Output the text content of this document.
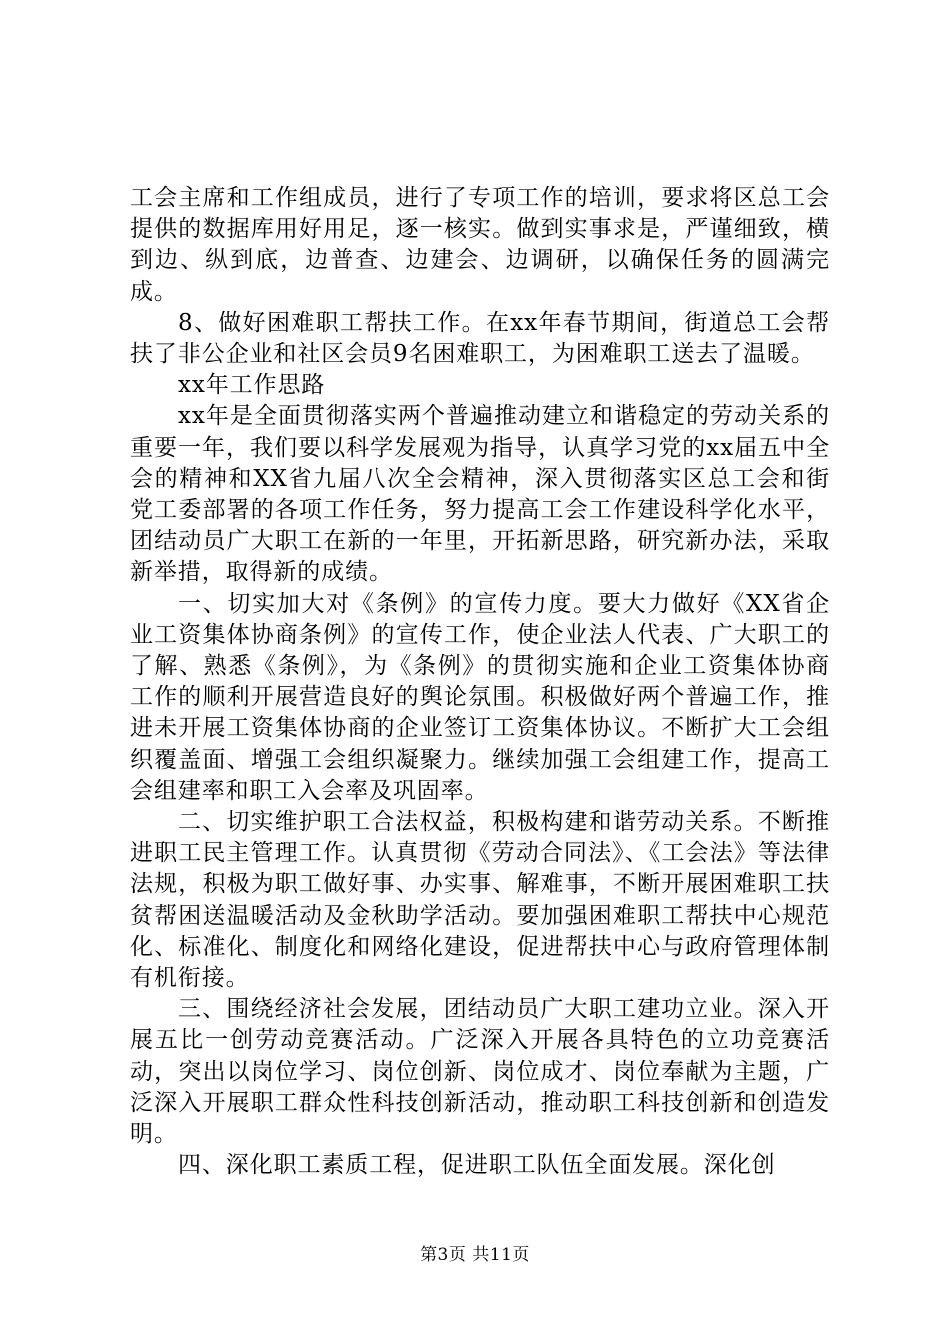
工会主席和工作组成员，进行了专项工作的培训，要求将区总工会提供的数据库用好用足，逐一核实。做到实事求是，严谨细致，横到边、纵到底，边普查、边建会、边调研，以确保任务的圆满完成。

8、做好困难职工帮扶工作。在xx年春节期间，街道总工会帮扶了非公企业和社区会员9名困难职工，为困难职工送去了温暖。

xx年工作思路

xx年是全面贯彻落实两个普遍推动建立和谐稳定的劳动关系的重要一年，我们要以科学发展观为指导，认真学习党的xx届五中全会的精神和XX省九届八次全会精神，深入贯彻落实区总工会和街党工委部署的各项工作任务，努力提高工会工作建设科学化水平，团结动员广大职工在新的一年里，开拓新思路，研究新办法，采取新举措，取得新的成绩。

一、切实加大对《条例》的宣传力度。要大力做好《XX省企业工资集体协商条例》的宣传工作，使企业法人代表、广大职工的了解、熟悉《条例》，为《条例》的贯彻实施和企业工资集体协商工作的顺利开展营造良好的舆论氛围。积极做好两个普遍工作，推进未开展工资集体协商的企业签订工资集体协议。不断扩大工会组织覆盖面、增强工会组织凝聚力。继续加强工会组建工作，提高工会组建率和职工入会率及巩固率。

二、切实维护职工合法权益，积极构建和谐劳动关系。不断推进职工民主管理工作。认真贯彻《劳动合同法》、《工会法》等法律法规，积极为职工做好事、办实事、解难事，不断开展困难职工扶贫帮困送温暖活动及金秋助学活动。要加强困难职工帮扶中心规范化、标准化、制度化和网络化建设，促进帮扶中心与政府管理体制有机衔接。

三、围绕经济社会发展，团结动员广大职工建功立业。深入开展五比一创劳动竞赛活动。广泛深入开展各具特色的立功竞赛活动，突出以岗位学习、岗位创新、岗位成才、岗位奉献为主题，广泛深入开展职工群众性科技创新活动，推动职工科技创新和创造发明。

四、深化职工素质工程，促进职工队伍全面发展。深化创

第3页 共11页
